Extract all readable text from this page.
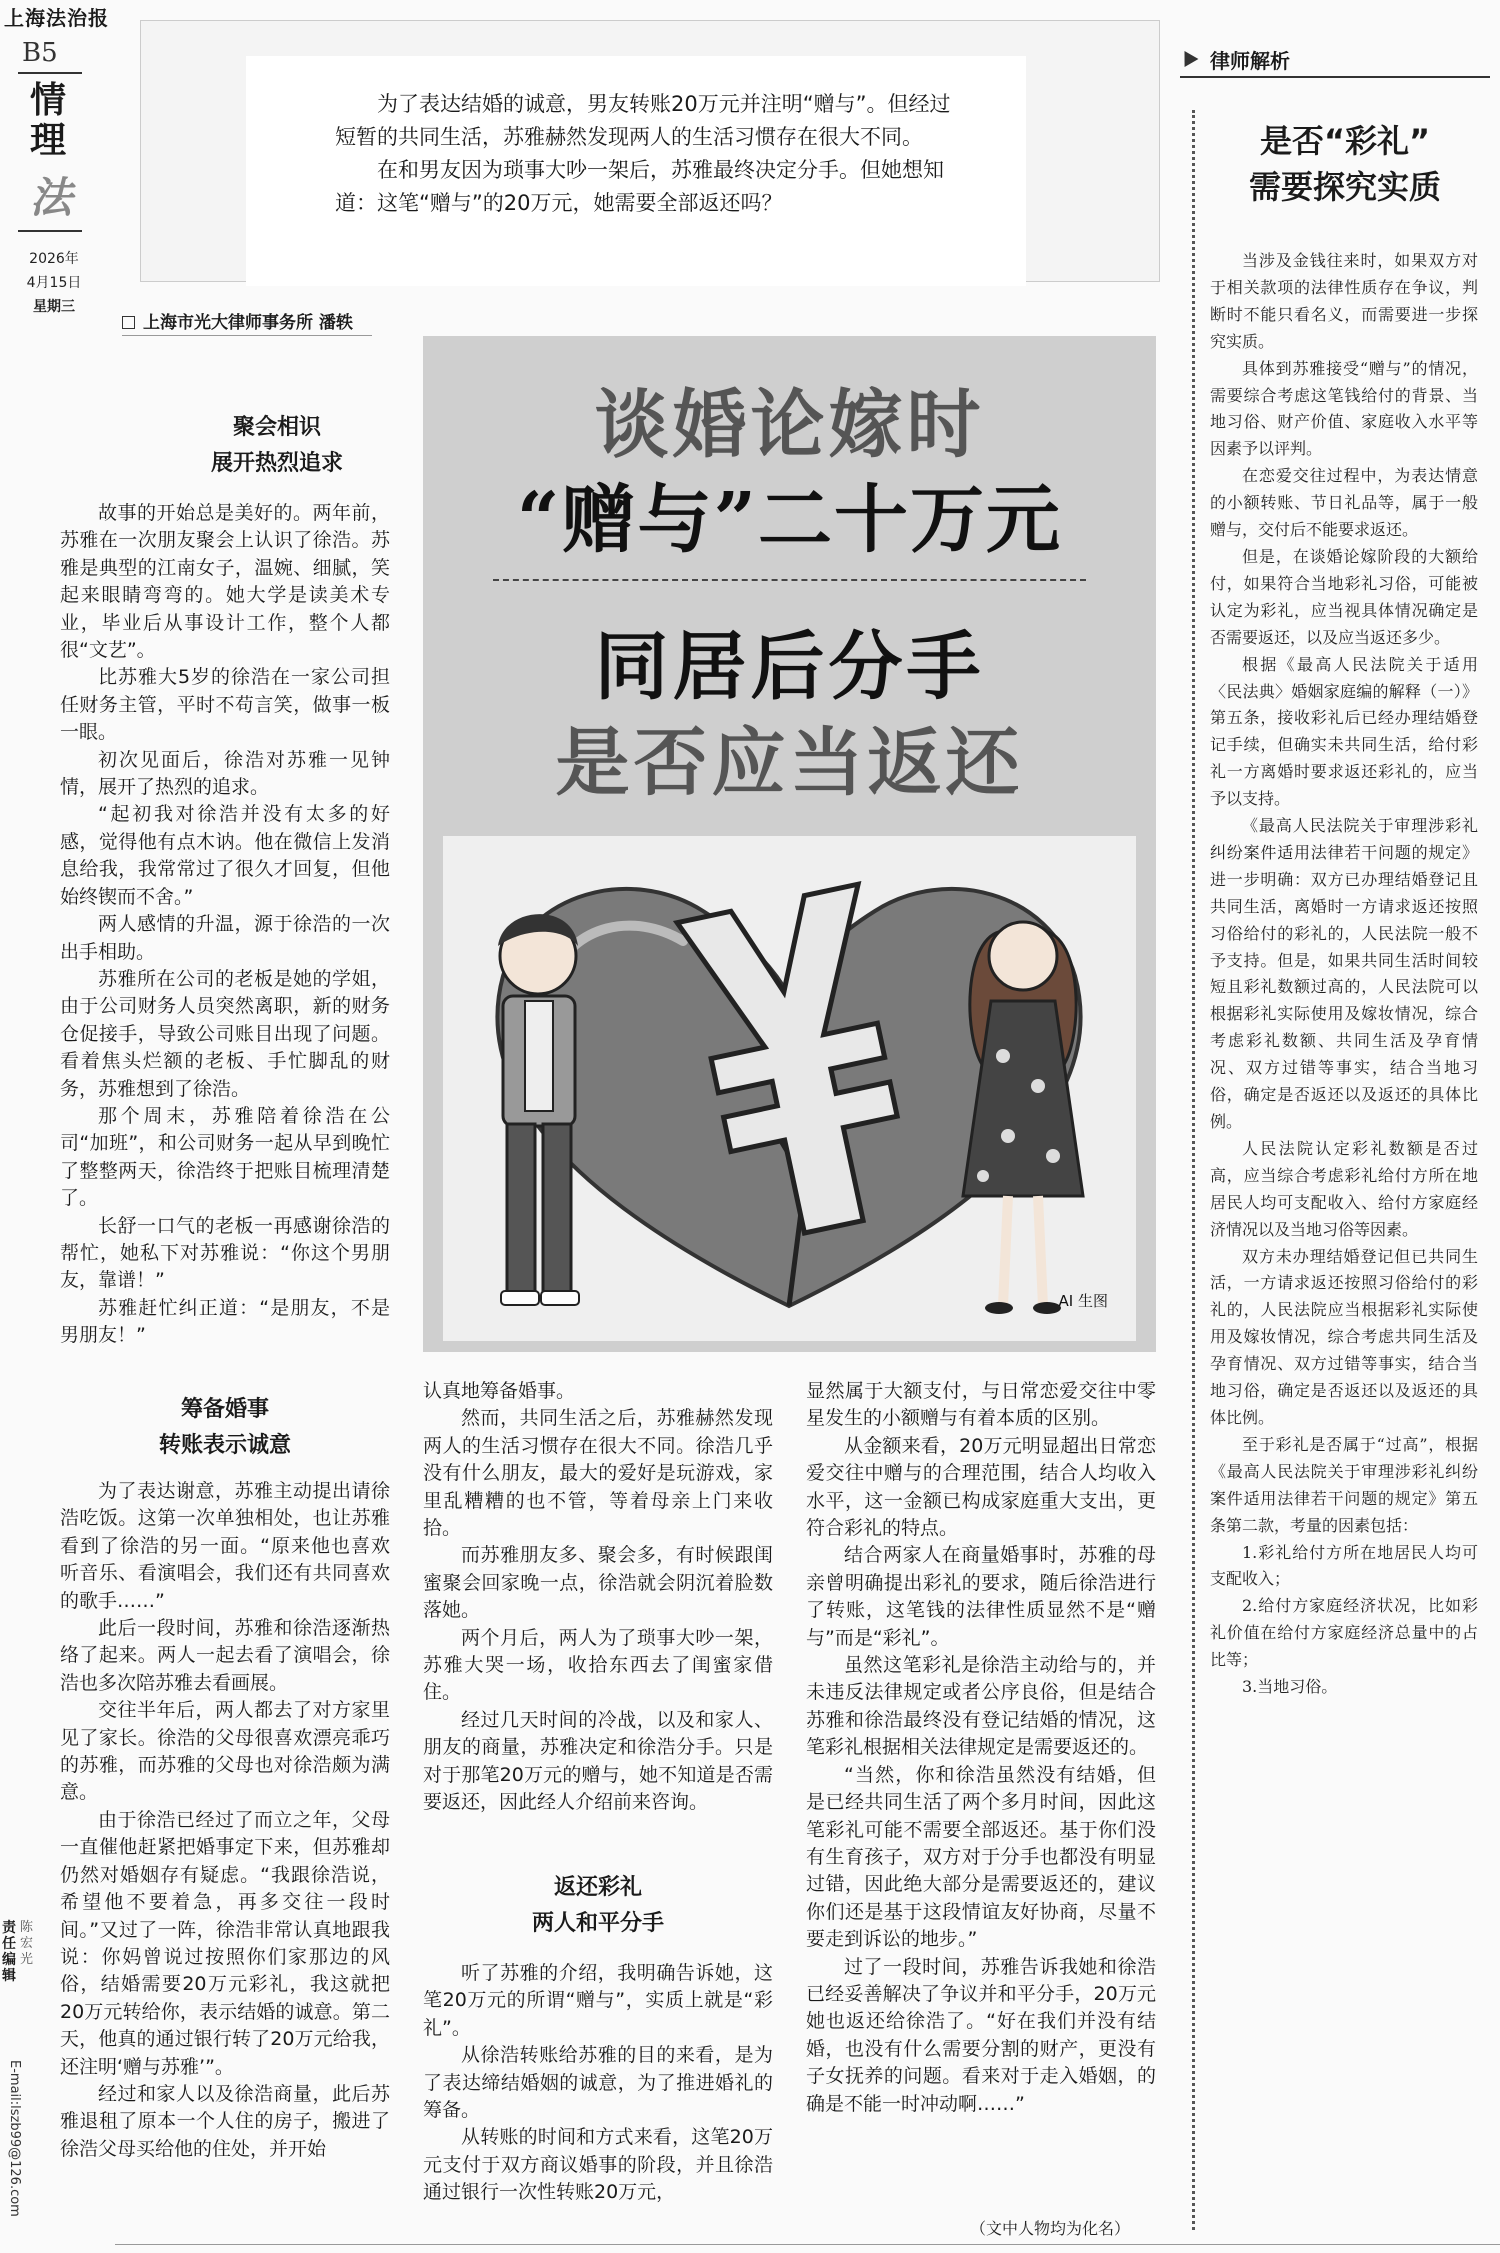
上海法治报
B5
情
理
法
2026年
4月15日
星期三
责任编辑
陈宏光
E-mail:lszb99@126.com

为了表达结婚的诚意，男友转账20万元并注明“赠与”。但经过短暂的共同生活，苏雅赫然发现两人的生活习惯存在很大不同。

在和男友因为琐事大吵一架后，苏雅最终决定分手。但她想知道：这笔“赠与”的20万元，她需要全部返还吗？

上海市光大律师事务所 潘轶
谈婚论嫁时
“赠与”二十万元
同居后分手
是否应当返还
AI 生图
聚会相识
展开热烈追求

故事的开始总是美好的。两年前，苏雅在一次朋友聚会上认识了徐浩。苏雅是典型的江南女子，温婉、细腻，笑起来眼睛弯弯的。她大学是读美术专业，毕业后从事设计工作，整个人都很“文艺”。

比苏雅大5岁的徐浩在一家公司担任财务主管，平时不苟言笑，做事一板一眼。

初次见面后，徐浩对苏雅一见钟情，展开了热烈的追求。

“起初我对徐浩并没有太多的好感，觉得他有点木讷。他在微信上发消息给我，我常常过了很久才回复，但他始终锲而不舍。”

两人感情的升温，源于徐浩的一次出手相助。

苏雅所在公司的老板是她的学姐，由于公司财务人员突然离职，新的财务仓促接手，导致公司账目出现了问题。看着焦头烂额的老板、手忙脚乱的财务，苏雅想到了徐浩。

那个周末，苏雅陪着徐浩在公司“加班”，和公司财务一起从早到晚忙了整整两天，徐浩终于把账目梳理清楚了。

长舒一口气的老板一再感谢徐浩的帮忙，她私下对苏雅说：“你这个男朋友，靠谱！”

苏雅赶忙纠正道：“是朋友，不是男朋友！”

筹备婚事
转账表示诚意

为了表达谢意，苏雅主动提出请徐浩吃饭。这第一次单独相处，也让苏雅看到了徐浩的另一面。“原来他也喜欢听音乐、看演唱会，我们还有共同喜欢的歌手……”

此后一段时间，苏雅和徐浩逐渐热络了起来。两人一起去看了演唱会，徐浩也多次陪苏雅去看画展。

交往半年后，两人都去了对方家里见了家长。徐浩的父母很喜欢漂亮乖巧的苏雅，而苏雅的父母也对徐浩颇为满意。

由于徐浩已经过了而立之年，父母一直催他赶紧把婚事定下来，但苏雅却仍然对婚姻存有疑虑。“我跟徐浩说，希望他不要着急，再多交往一段时间。”又过了一阵，徐浩非常认真地跟我说：你妈曾说过按照你们家那边的风俗，结婚需要20万元彩礼，我这就把20万元转给你，表示结婚的诚意。第二天，他真的通过银行转了20万元给我，还注明‘赠与苏雅’”。

经过和家人以及徐浩商量，此后苏雅退租了原本一个人住的房子，搬进了徐浩父母买给他的住处，并开始

认真地筹备婚事。

然而，共同生活之后，苏雅赫然发现两人的生活习惯存在很大不同。徐浩几乎没有什么朋友，最大的爱好是玩游戏，家里乱糟糟的也不管，等着母亲上门来收拾。

而苏雅朋友多、聚会多，有时候跟闺蜜聚会回家晚一点，徐浩就会阴沉着脸数落她。

两个月后，两人为了琐事大吵一架，苏雅大哭一场，收拾东西去了闺蜜家借住。

经过几天时间的冷战，以及和家人、朋友的商量，苏雅决定和徐浩分手。只是对于那笔20万元的赠与，她不知道是否需要返还，因此经人介绍前来咨询。

返还彩礼
两人和平分手

听了苏雅的介绍，我明确告诉她，这笔20万元的所谓“赠与”，实质上就是“彩礼”。

从徐浩转账给苏雅的目的来看，是为了表达缔结婚姻的诚意，为了推进婚礼的筹备。

从转账的时间和方式来看，这笔20万元支付于双方商议婚事的阶段，并且徐浩通过银行一次性转账20万元，

显然属于大额支付，与日常恋爱交往中零星发生的小额赠与有着本质的区别。

从金额来看，20万元明显超出日常恋爱交往中赠与的合理范围，结合人均收入水平，这一金额已构成家庭重大支出，更符合彩礼的特点。

结合两家人在商量婚事时，苏雅的母亲曾明确提出彩礼的要求，随后徐浩进行了转账，这笔钱的法律性质显然不是“赠与”而是“彩礼”。

虽然这笔彩礼是徐浩主动给与的，并未违反法律规定或者公序良俗，但是结合苏雅和徐浩最终没有登记结婚的情况，这笔彩礼根据相关法律规定是需要返还的。

“当然，你和徐浩虽然没有结婚，但是已经共同生活了两个多月时间，因此这笔彩礼可能不需要全部返还。基于你们没有生育孩子，双方对于分手也都没有明显过错，因此绝大部分是需要返还的，建议你们还是基于这段情谊友好协商，尽量不要走到诉讼的地步。”

过了一段时间，苏雅告诉我她和徐浩已经妥善解决了争议并和平分手，20万元她也返还给徐浩了。“好在我们并没有结婚，也没有什么需要分割的财产，更没有子女抚养的问题。看来对于走入婚姻，的确是不能一时冲动啊……”

（文中人物均为化名）
律师解析
是否“彩礼”
需要探究实质

当涉及金钱往来时，如果双方对于相关款项的法律性质存在争议，判断时不能只看名义，而需要进一步探究实质。

具体到苏雅接受“赠与”的情况，需要综合考虑这笔钱给付的背景、当地习俗、财产价值、家庭收入水平等因素予以评判。

在恋爱交往过程中，为表达情意的小额转账、节日礼品等，属于一般赠与，交付后不能要求返还。

但是，在谈婚论嫁阶段的大额给付，如果符合当地彩礼习俗，可能被认定为彩礼，应当视具体情况确定是否需要返还，以及应当返还多少。

根据《最高人民法院关于适用〈民法典〉婚姻家庭编的解释（一）》第五条，接收彩礼后已经办理结婚登记手续，但确实未共同生活，给付彩礼一方离婚时要求返还彩礼的，应当予以支持。

《最高人民法院关于审理涉彩礼纠纷案件适用法律若干问题的规定》进一步明确：双方已办理结婚登记且共同生活，离婚时一方请求返还按照习俗给付的彩礼的，人民法院一般不予支持。但是，如果共同生活时间较短且彩礼数额过高的，人民法院可以根据彩礼实际使用及嫁妆情况，综合考虑彩礼数额、共同生活及孕育情况、双方过错等事实，结合当地习俗，确定是否返还以及返还的具体比例。

人民法院认定彩礼数额是否过高，应当综合考虑彩礼给付方所在地居民人均可支配收入、给付方家庭经济情况以及当地习俗等因素。

双方未办理结婚登记但已共同生活，一方请求返还按照习俗给付的彩礼的，人民法院应当根据彩礼实际使用及嫁妆情况，综合考虑共同生活及孕育情况、双方过错等事实，结合当地习俗，确定是否返还以及返还的具体比例。

至于彩礼是否属于“过高”，根据《最高人民法院关于审理涉彩礼纠纷案件适用法律若干问题的规定》第五条第二款，考量的因素包括：

1.彩礼给付方所在地居民人均可支配收入；

2.给付方家庭经济状况，比如彩礼价值在给付方家庭经济总量中的占比等；

3.当地习俗。
